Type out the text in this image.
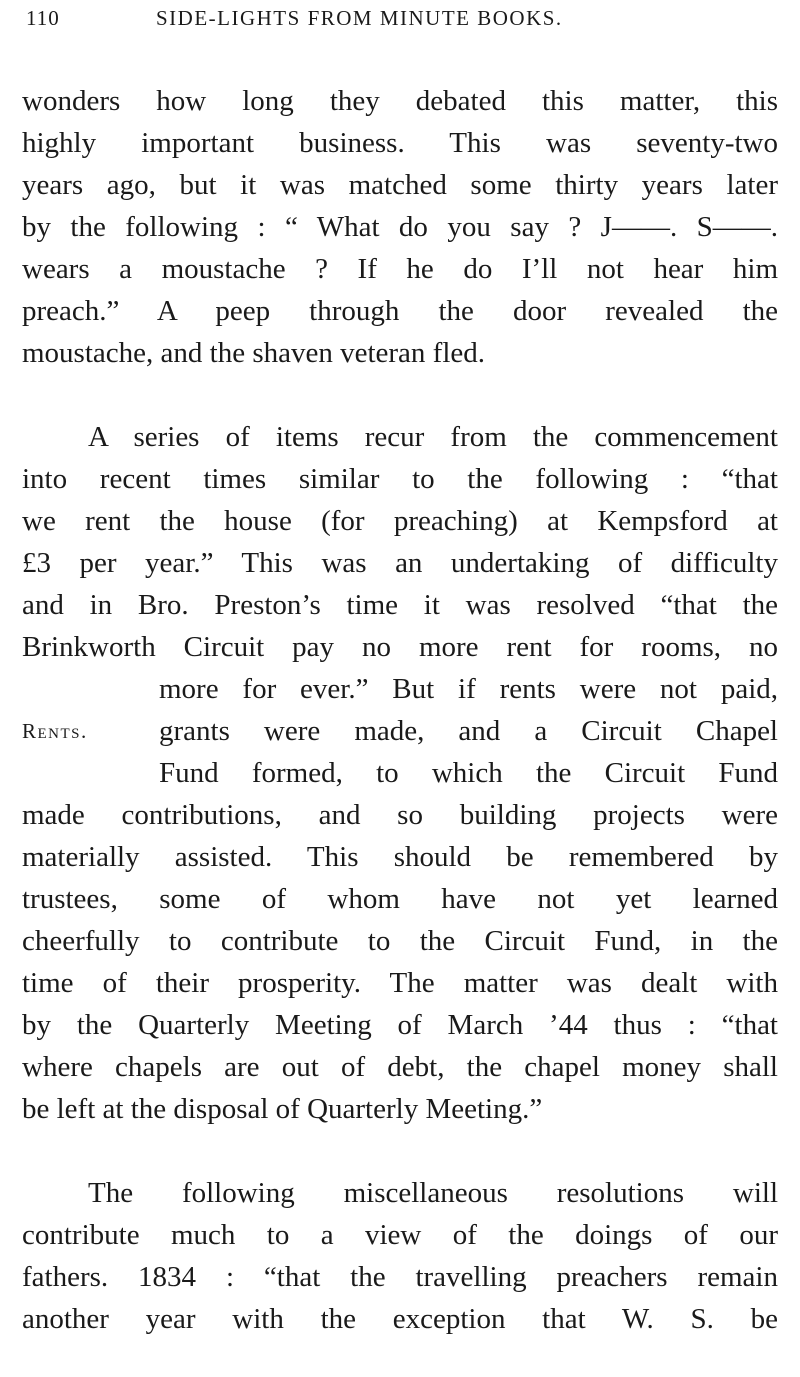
110	SIDE-LIGHTS FROM MINUTE BOOKS.
wonders how long they debated this matter, this
highly important business. This was seventy-two
years ago, but it was matched some thirty years later
by the following : “ What do you say ? J——. S——.
wears a moustache ? If he do I’ll not hear him
preach.” A peep through the door revealed the
moustache, and the shaven veteran fled.
A series of items recur from the commencement
into recent times similar to the following : “that
we rent the house (for preaching) at Kempsford at
£3 per year.” This was an undertaking of difficulty
and in Bro. Preston’s time it was resolved “that the
Brinkworth Circuit pay no more rent for rooms, no
more for ever.” But if rents were not paid,
Rents. grants were made, and a Circuit Chapel
Fund formed, to which the Circuit Fund
made contributions, and so building projects were
materially assisted. This should be remembered by
trustees, some of whom have not yet learned
cheerfully to contribute to the Circuit Fund, in the
time of their prosperity. The matter was dealt with
by the Quarterly Meeting of March ’44 thus : “that
where chapels are out of debt, the chapel money shall
be left at the disposal of Quarterly Meeting.”
The following miscellaneous resolutions will
contribute much to a view of the doings of our
fathers. 1834 : “that the travelling preachers remain
another year with the exception that W. S. be
